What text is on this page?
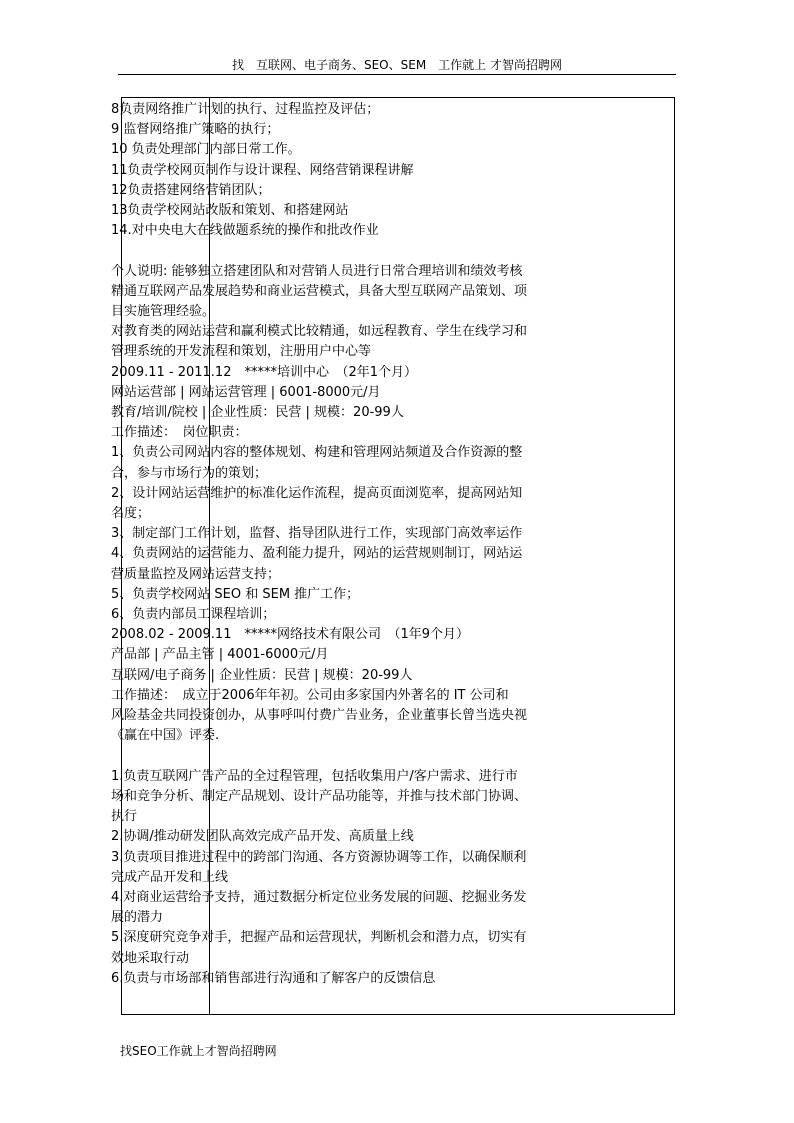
找　互联网、电子商务、SEO、SEM　工作就上 才智尚招聘网
8负责网络推广计划的执行、过程监控及评估；
9 监督网络推广策略的执行；
10 负责处理部门内部日常工作。
11负责学校网页制作与设计课程、网络营销课程讲解
12负责搭建网络营销团队；
13负责学校网站改版和策划、和搭建网站
14.对中央电大在线做题系统的操作和批改作业

个人说明: 能够独立搭建团队和对营销人员进行日常合理培训和绩效考核
精通互联网产品发展趋势和商业运营模式，具备大型互联网产品策划、项
目实施管理经验。
对教育类的网站运营和赢利模式比较精通，如远程教育、学生在线学习和
管理系统的开发流程和策划，注册用户中心等
2009.11 - 2011.12　*****培训中心　（2年1个月）
网站运营部 | 网站运营管理 | 6001-8000元/月
教育/培训/院校 | 企业性质：民营 | 规模：20-99人
工作描述：　岗位职责：
1、负责公司网站内容的整体规划、构建和管理网站频道及合作资源的整
合，参与市场行为的策划；
2、设计网站运营维护的标准化运作流程，提高页面浏览率，提高网站知
名度；
3、制定部门工作计划，监督、指导团队进行工作，实现部门高效率运作
4、负责网站的运营能力、盈利能力提升，网站的运营规则制订，网站运
营质量监控及网站运营支持；
5、负责学校网站 SEO 和 SEM 推广工作；
6、负责内部员工课程培训；
2008.02 - 2009.11　*****网络技术有限公司　（1年9个月）
产品部 | 产品主管 | 4001-6000元/月
互联网/电子商务 | 企业性质：民营 | 规模：20-99人
工作描述：　成立于2006年年初。公司由多家国内外著名的 IT 公司和
风险基金共同投资创办，从事呼叫付费广告业务，企业董事长曾当选央视
《赢在中国》评委.

1.负责互联网广告产品的全过程管理，包括收集用户/客户需求、进行市
场和竞争分析、制定产品规划、设计产品功能等，并推与技术部门协调、
执行
2.协调/推动研发团队高效完成产品开发、高质量上线
3.负责项目推进过程中的跨部门沟通、各方资源协调等工作，以确保顺利
完成产品开发和上线
4.对商业运营给予支持，通过数据分析定位业务发展的问题、挖掘业务发
展的潜力
5.深度研究竞争对手，把握产品和运营现状，判断机会和潜力点，切实有
效地采取行动
6.负责与市场部和销售部进行沟通和了解客户的反馈信息
找SEO工作就上才智尚招聘网
